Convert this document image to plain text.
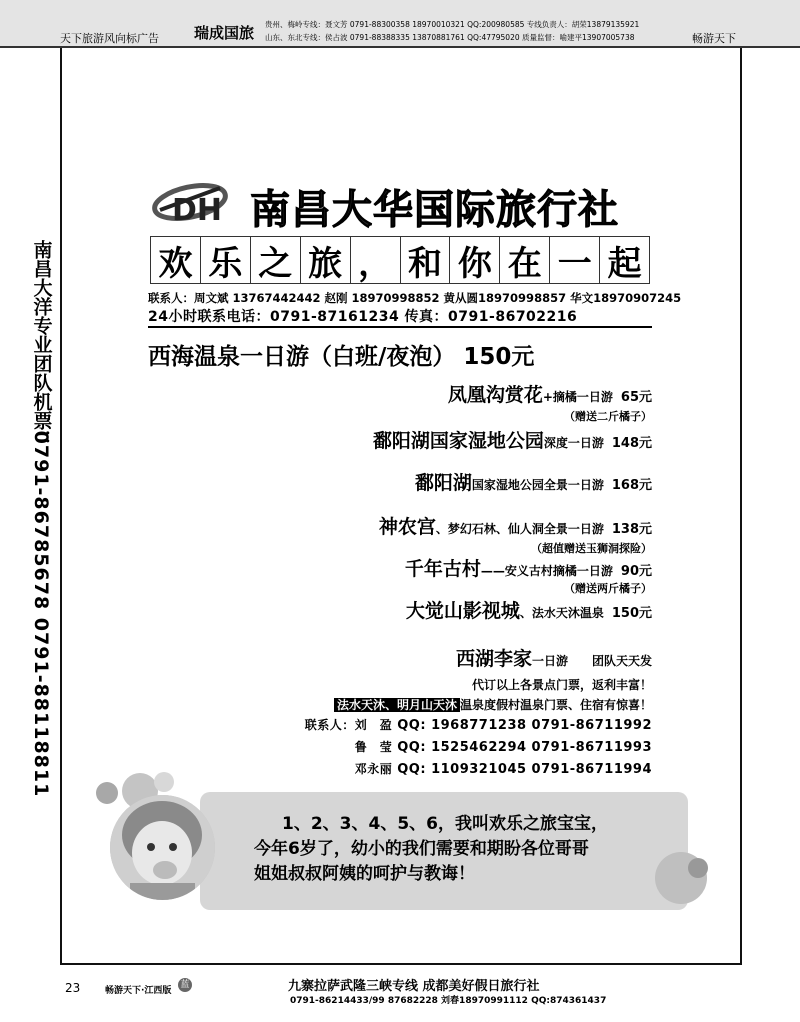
天下旅游风向标广告 瑞成国旅 贵州、梅岭专线：聂文芳 0791-88300358 18970010321 QQ:200980585 专线负责人：胡荣13879135921
山东、东北专线：侯占波 0791-88388335 13870881761 QQ:47795020 质量监督：喻建平13907005738	畅游天下
南昌大洋专业团队机票：
0791-86785678 0791-88118811
DH 南昌大华国际旅行社
欢 乐 之 旅 ， 和 你 在 一 起
联系人：周文斌 13767442442 赵刚 18970998852 黄从圆18970998857 华文18970907245
24小时联系电话：0791-87161234 传真：0791-86702216
西海温泉一日游（白班/夜泡） 150元
凤凰沟赏花+摘橘一日游 65元
（赠送二斤橘子）
鄱阳湖国家湿地公园深度一日游 148元
鄱阳湖国家湿地公园全景一日游 168元
神农宫、梦幻石林、仙人洞全景一日游 138元
（超值赠送玉狮洞探险）
千年古村——安义古村摘橘一日游 90元
（赠送两斤橘子）
大觉山影视城、法水天沐温泉 150元
西湖李家一日游 团队天天发
代订以上各景点门票，返利丰富！
法水天沐、明月山天沐 温泉度假村温泉门票、住宿有惊喜！
联系人：刘　盈 QQ: 1968771238 0791-86711992
鲁　莹 QQ: 1525462294 0791-86711993
邓永丽 QQ: 1109321045 0791-86711994
1、2、3、4、5、6，我叫欢乐之旅宝宝，
今年6岁了，幼小的我们需要和期盼各位哥哥
姐姐叔叔阿姨的呵护与教诲！
23	畅游天下·江西版
蓝	九寨拉萨武隆三峡专线 成都美好假日旅行社
0791-86214433/99 87682228 刘春18970991112 QQ:874361437
